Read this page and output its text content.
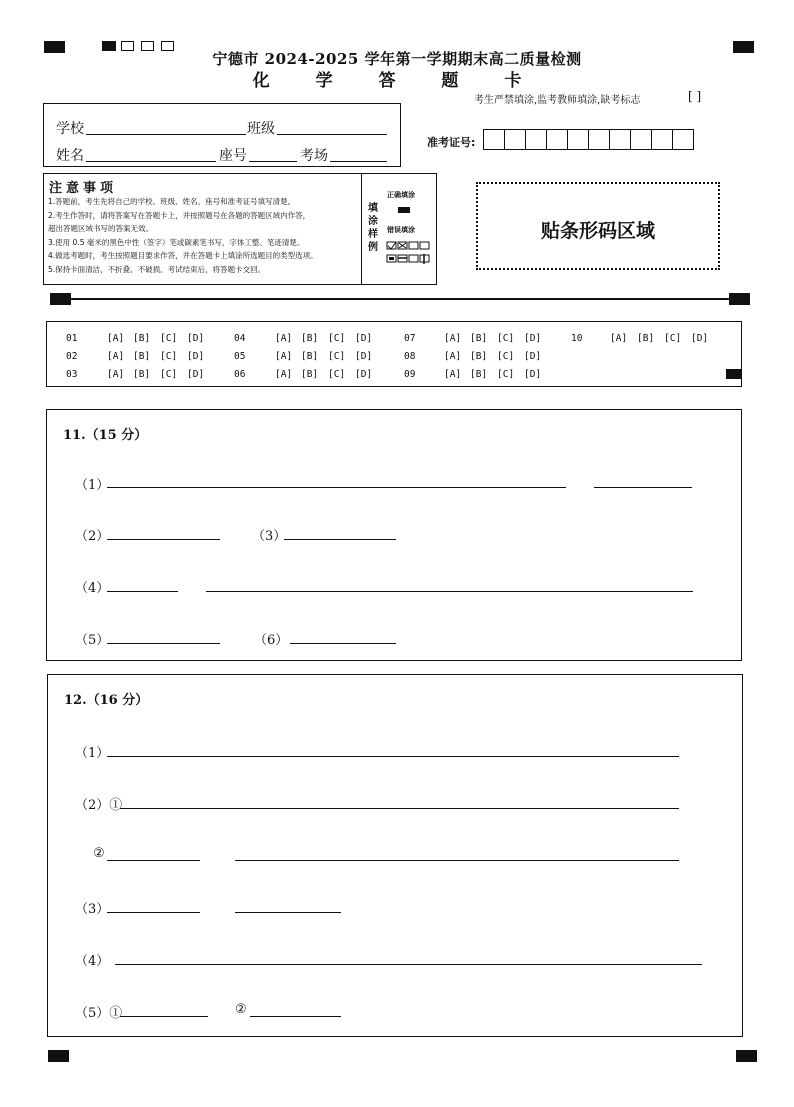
宁德市 2024-2025 学年第一学期期末高二质量检测
化 学 答 题 卡
考生严禁填涂,监考教师填涂,缺考标志	[ ]
学校	班级
姓名	座号	考场
准考证号:
注意事项
1.答题前，考生先将自己的学校、班级、姓名、座号和准考证号填写清楚。
2.考生作答时，请将答案写在答题卡上，并按照题号在各题的答题区域内作答，
超出答题区域书写的答案无效。
3.使用 0.5 毫米的黑色中性（签字）笔或碳素笔书写，字体工整、笔迹清楚。
4.做选考题时，考生按照题目要求作答，并在答题卡上填涂所选题目的类型选项。
5.保持卡面清洁，不折叠、不破损。考试结束后，将答题卡交回。
填涂样例
正确填涂
错误填涂	贴条形码区域
01	[A] [B] [C] [D]	04	[A] [B] [C] [D]	07	[A] [B] [C] [D]	10	[A] [B] [C] [D]
02	[A] [B] [C] [D]	05	[A] [B] [C] [D]	08	[A] [B] [C] [D]
03	[A] [B] [C] [D]	06	[A] [B] [C] [D]	09	[A] [B] [C] [D]
11.（15 分）
（1）
（2）	（3）
（4）
（5）	（6）
12.（16 分）
（1）
（2）①
②
（3）
（4）
（5）①	②
